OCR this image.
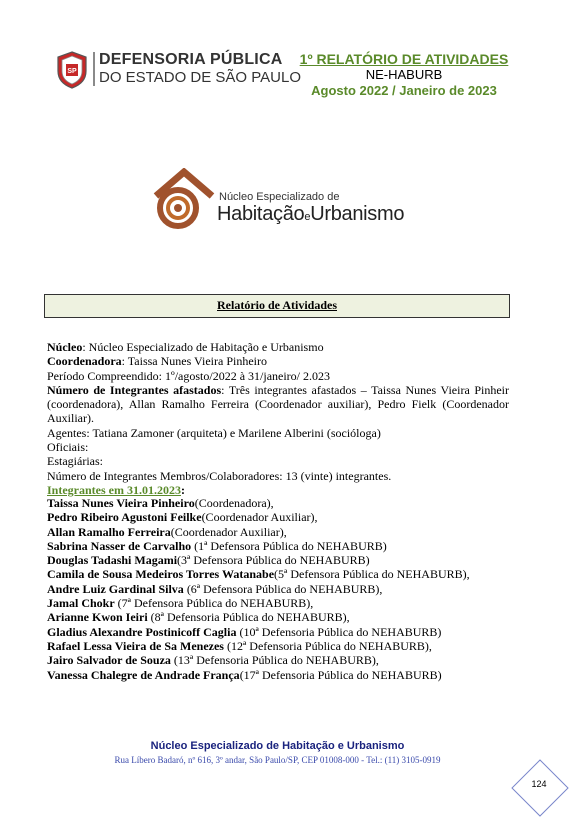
SP
DEFENSORIA PÚBLICA
DO ESTADO DE SÃO PAULO
1º RELATÓRIO DE ATIVIDADES
NE-HABURB
Agosto 2022 / Janeiro de 2023
Núcleo Especializado de
HabitaçãoeUrbanismo
Relatório de Atividades

Núcleo: Núcleo Especializado de Habitação e Urbanismo

Coordenadora: Taissa Nunes Vieira Pinheiro

Período Compreendido: 1º/agosto/2022 à 31/janeiro/ 2.023

Número de Integrantes afastados: Três integrantes afastados – Taissa Nunes Vieira Pinheir (coordenadora), Allan Ramalho Ferreira (Coordenador auxiliar), Pedro Fielk (Coordenador Auxiliar).

Agentes: Tatiana Zamoner (arquiteta) e Marilene Alberini (socióloga)

Oficiais:

Estagiárias:

Número de Integrantes Membros/Colaboradores: 13 (vinte) integrantes.

Integrantes em 31.01.2023:

Taissa Nunes Vieira Pinheiro(Coordenadora),
Pedro Ribeiro Agustoni Feilke(Coordenador Auxiliar),
Allan Ramalho Ferreira(Coordenador Auxiliar),
Sabrina Nasser de Carvalho (1ª Defensora Pública do NEHABURB)
Douglas Tadashi Magami(3ª Defensora Pública do NEHABURB)
Camila de Sousa Medeiros Torres Watanabe(5ª Defensora Pública do NEHABURB),
Andre Luiz Gardinal Silva (6ª Defensora Pública do NEHABURB),
Jamal Chokr (7ª Defensora Pública do NEHABURB),
Arianne Kwon Ieiri (8ª Defensoria Pública do NEHABURB),
Gladius Alexandre Postinicoff Caglia (10ª Defensoria Pública do NEHABURB)
Rafael Lessa Vieira de Sa Menezes (12ª Defensoria Pública do NEHABURB),
Jairo Salvador de Souza (13ª Defensoria Pública do NEHABURB),
Vanessa Chalegre de Andrade França(17ª Defensoria Pública do NEHABURB)
Núcleo Especializado de Habitação e Urbanismo
Rua Líbero Badaró, nº 616, 3º andar, São Paulo/SP, CEP 01008-000 - Tel.: (11) 3105-0919
124
